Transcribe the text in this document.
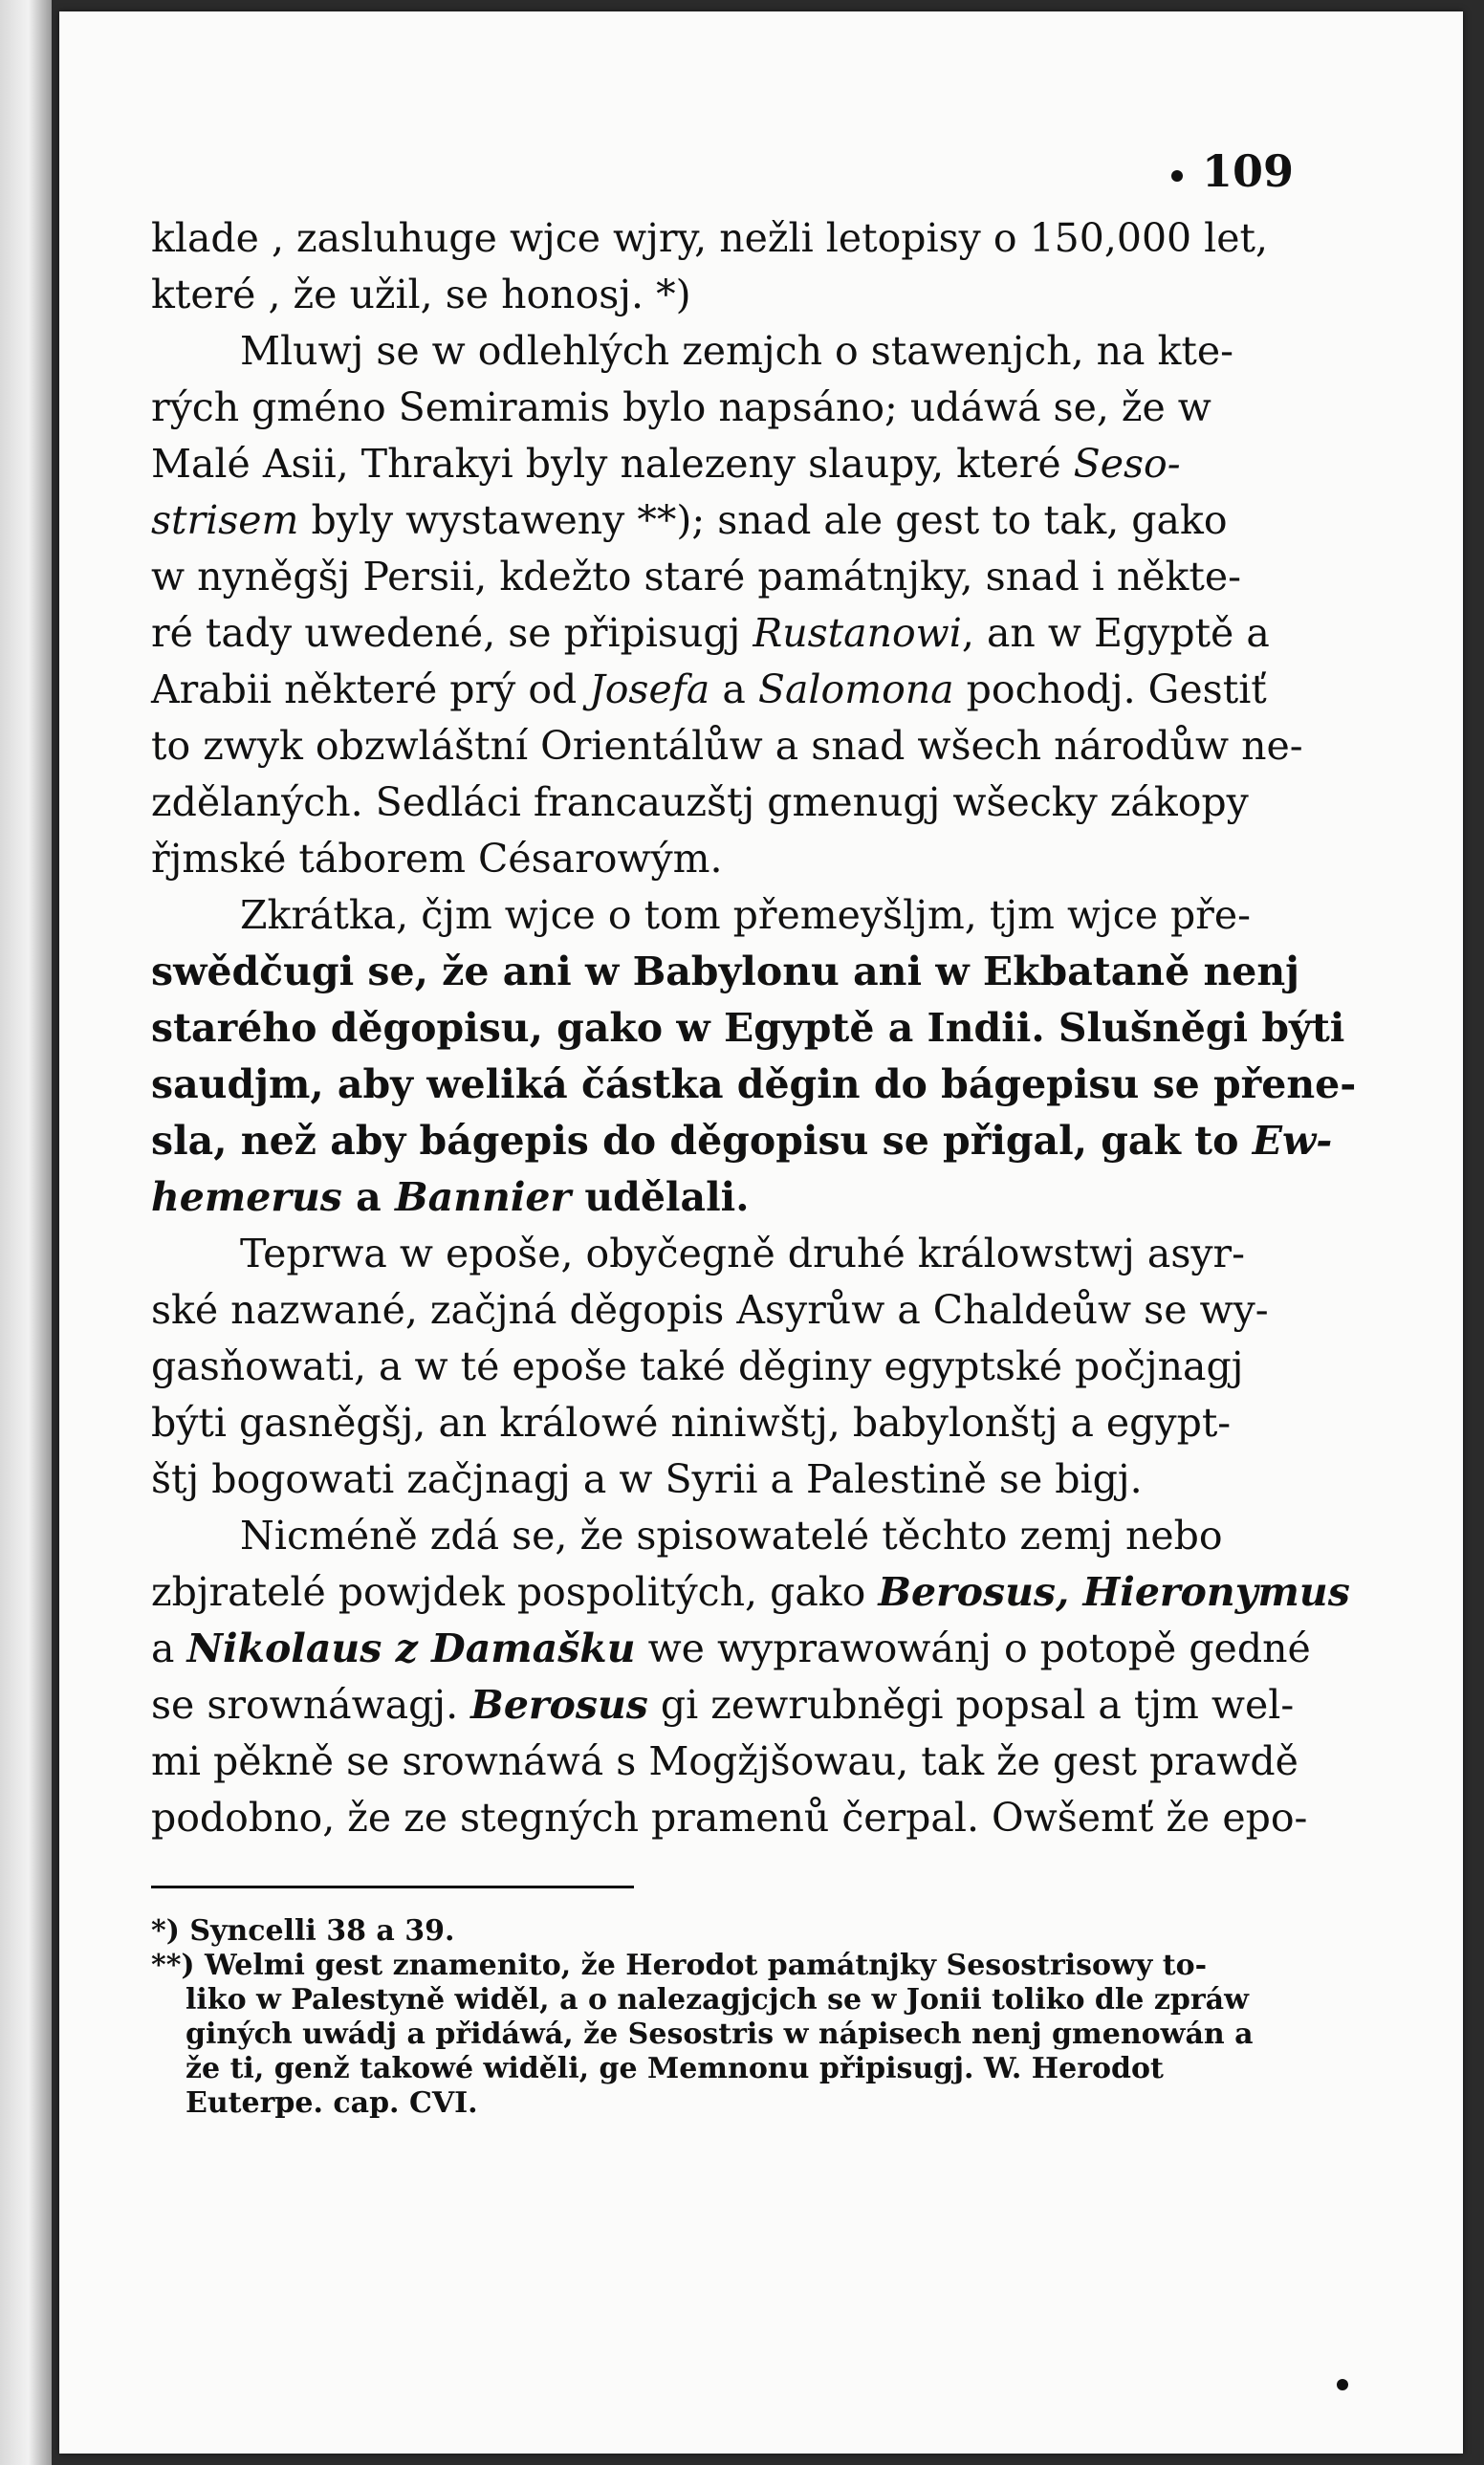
109
klade , zasluhuge wjce wjry, nežli letopisy o 150,000 let,
které , že užil, se honosj. *)
Mluwj se w odlehlých zemjch o stawenjch, na kte-
rých gméno Semiramis bylo napsáno; udáwá se, že w
Malé Asii, Thrakyi byly nalezeny slaupy, které Seso-
strisem byly wystaweny **); snad ale gest to tak, gako
w nyněgšj Persii, kdežto staré památnjky, snad i někte-
ré tady uwedené, se připisugj Rustanowi, an w Egyptě a
Arabii některé prý od Josefa a Salomona pochodj. Gestiť
to zwyk obzwláštní Orientálůw a snad wšech národůw ne-
zdělaných. Sedláci francauzštj gmenugj wšecky zákopy
řjmské táborem Césarowým.
Zkrátka, čjm wjce o tom přemeyšljm, tjm wjce pře-
swědčugi se, že ani w Babylonu ani w Ekbataně nenj
starého děgopisu, gako w Egyptě a Indii. Slušněgi býti
saudjm, aby weliká částka děgin do bágepisu se přene-
sla, než aby bágepis do děgopisu se přigal, gak to Ew-
hemerus a Bannier udělali.
Teprwa w epoše, obyčegně druhé králowstwj asyr-
ské nazwané, začjná děgopis Asyrůw a Chaldeůw se wy-
gasňowati, a w té epoše také děginy egyptské počjnagj
býti gasněgšj, an králowé niniwštj, babylonštj a egypt-
štj bogowati začjnagj a w Syrii a Palestině se bigj.
Nicméně zdá se, že spisowatelé těchto zemj nebo
zbjratelé powjdek pospolitých, gako Berosus, Hieronymus
a Nikolaus z Damašku we wyprawowánj o potopě gedné
se srownáwagj. Berosus gi zewrubněgi popsal a tjm wel-
mi pěkně se srownáwá s Mogžjšowau, tak že gest prawdě
podobno, že ze stegných pramenů čerpal. Owšemť že epo-
*) Syncelli 38 a 39.
**) Welmi gest znamenito, že Herodot památnjky Sesostrisowy to-
liko w Palestyně widěl, a o nalezagjcjch se w Jonii toliko dle zpráw
giných uwádj a přidáwá, že Sesostris w nápisech nenj gmenowán a
že ti, genž takowé widěli, ge Memnonu připisugj. W. Herodot
Euterpe. cap. CVI.
